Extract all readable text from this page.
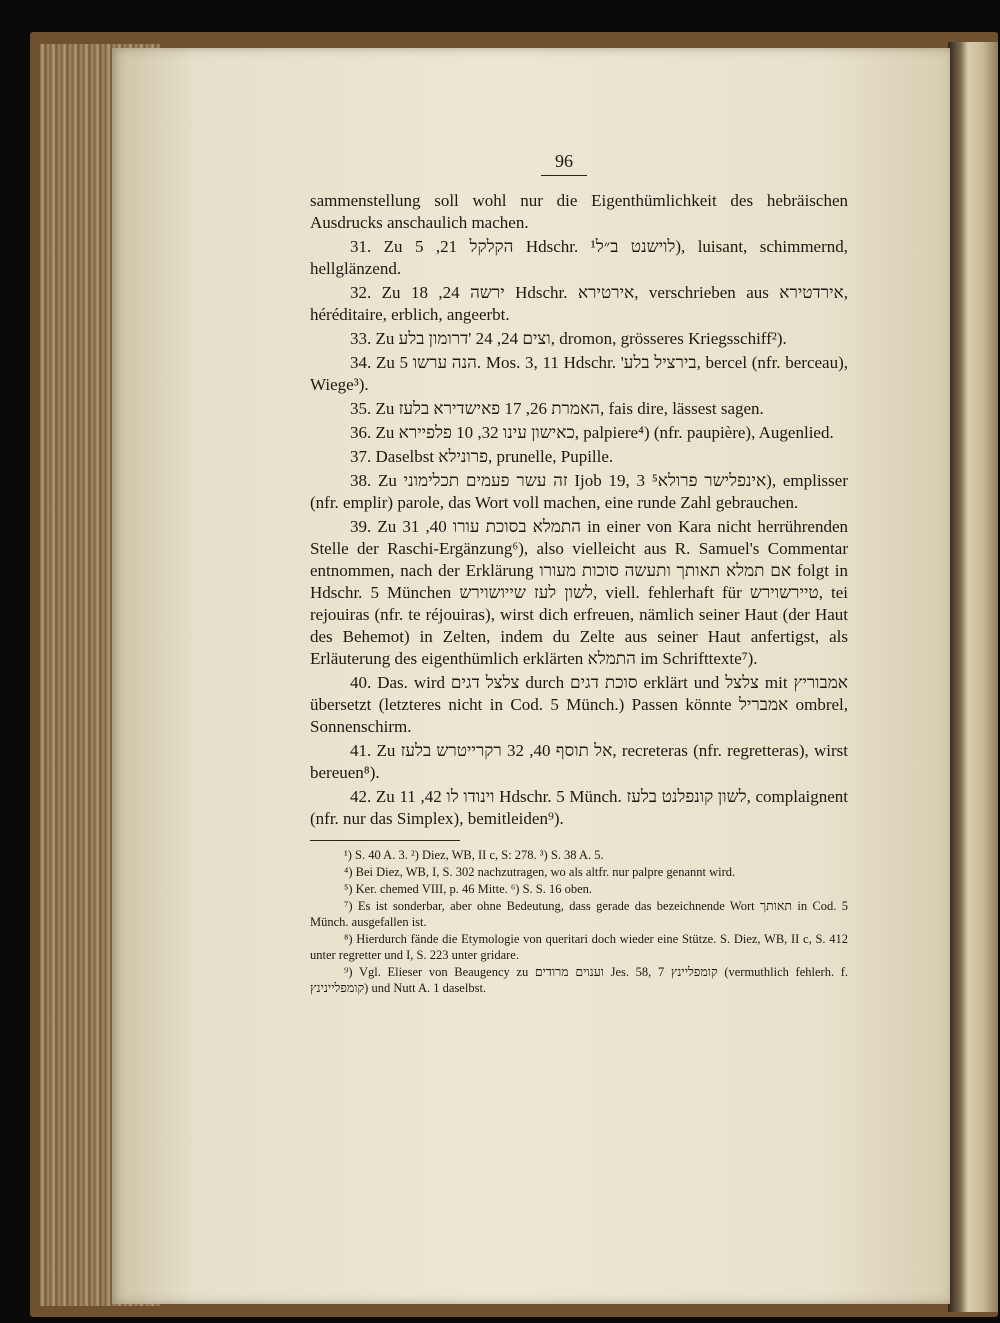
96

sammenstellung soll wohl nur die Eigenthümlichkeit des hebräischen Ausdrucks anschaulich machen.

31. Zu הקלקל 21, 5 Hdschr. לוישנט ב״ל¹), luisant, schimmernd, hellglänzend.

32. Zu ירשה 24, 18 Hdschr. אירטירא, verschrieben aus אירדטירא, héréditaire, erblich, angeerbt.

33. Zu וצים 24, 24 'דרומון בלע, dromon, grösseres Kriegsschiff²).

34. Zu הנה ערשו 5. Mos. 3, 11 Hdschr. 'בירציל בלע, bercel (nfr. berceau), Wiege³).

35. Zu האמרת 26, 17 פאישדירא בלעז, fais dire, lässest sagen.

36. Zu כאישון עינו 32, 10 פלפיירא, palpiere⁴) (nfr. paupière), Augenlied.

37. Daselbst פרונילא, prunelle, Pupille.

38. Zu זה עשר פעמים תכלימוני Ijob 19, 3 אינפלישר פרולא⁵), emplisser (nfr. emplir) parole, das Wort voll machen, eine runde Zahl gebrauchen.

39. Zu התמלא בסוכת עורו 40, 31 in einer von Kara nicht herrührenden Stelle der Raschi-Ergänzung⁶), also vielleicht aus R. Samuel's Commentar entnommen, nach der Erklärung אם תמלא תאותך ותעשה סוכות מעורו folgt in Hdschr. 5 München לשון לעז שייושוירש, viell. fehlerhaft für טיירשוירש, tei rejouiras (nfr. te réjouiras), wirst dich erfreuen, nämlich seiner Haut (der Haut des Behemot) in Zelten, indem du Zelte aus seiner Haut anfertigst, als Erläuterung des eigenthümlich erklärten התמלא im Schrifttexte⁷).

40. Das. wird צלצל דגים durch סוכת דגים erklärt und צלצל mit אמבוריץ übersetzt (letzteres nicht in Cod. 5 Münch.) Passen könnte אמבריל ombrel, Sonnenschirm.

41. Zu אל תוסף 40, 32 רקרייטרש בלעז, recreteras (nfr. regretteras), wirst bereuen⁸).

42. Zu וינודו לו 42, 11 Hdschr. 5 Münch. לשון קונפלנט בלעז, complaignent (nfr. nur das Simplex), bemitleiden⁹).

¹) S. 40 A. 3. ²) Diez, WB, II c, S: 278. ³) S. 38 A. 5.

⁴) Bei Diez, WB, I, S. 302 nachzutragen, wo als altfr. nur palpre genannt wird.

⁵) Ker. chemed VIII, p. 46 Mitte. ⁶) S. S. 16 oben.

⁷) Es ist sonderbar, aber ohne Bedeutung, dass gerade das bezeichnende Wort תאותך in Cod. 5 Münch. ausgefallen ist.

⁸) Hierdurch fände die Etymologie von queritari doch wieder eine Stütze. S. Diez, WB, II c, S. 412 unter regretter und I, S. 223 unter gridare.

⁹) Vgl. Elieser von Beaugency zu וענוים מרודים Jes. 58, 7 קומפליינץ (vermuthlich fehlerh. f. קומפליינינץ) und Nutt A. 1 daselbst.
